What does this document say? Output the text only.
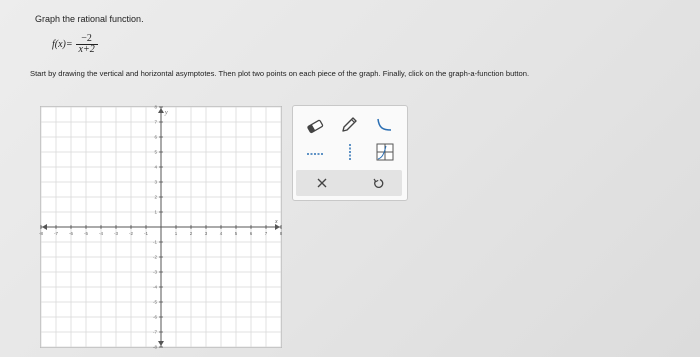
Graph the rational function.
$f(x)= \frac{-2}{x+2}$
Start by drawing the vertical and horizontal asymptotes. Then plot two points on each piece of the graph. Finally, click on the graph-a-function button.
x
y
-8 -7 -6 -5 -4 -3 -2 -1	1	2	3	4	5	6	7	8
8
7
6
5
4
3
2
1
-1
-2
-3
-4
-5
-6
-7
-8
